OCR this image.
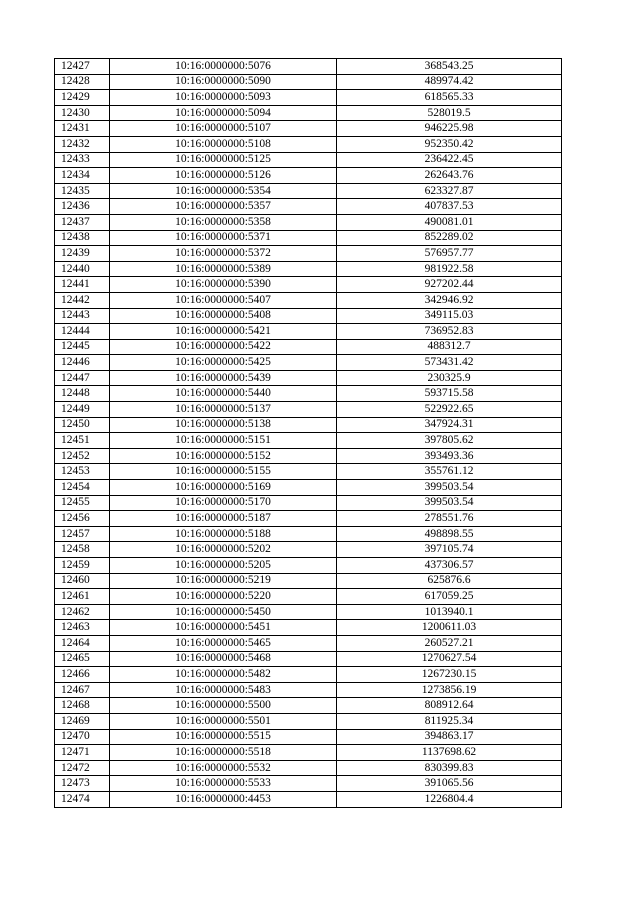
12427	10:16:0000000:5076	368543.25
12428	10:16:0000000:5090	489974.42
12429	10:16:0000000:5093	618565.33
12430	10:16:0000000:5094	528019.5
12431	10:16:0000000:5107	946225.98
12432	10:16:0000000:5108	952350.42
12433	10:16:0000000:5125	236422.45
12434	10:16:0000000:5126	262643.76
12435	10:16:0000000:5354	623327.87
12436	10:16:0000000:5357	407837.53
12437	10:16:0000000:5358	490081.01
12438	10:16:0000000:5371	852289.02
12439	10:16:0000000:5372	576957.77
12440	10:16:0000000:5389	981922.58
12441	10:16:0000000:5390	927202.44
12442	10:16:0000000:5407	342946.92
12443	10:16:0000000:5408	349115.03
12444	10:16:0000000:5421	736952.83
12445	10:16:0000000:5422	488312.7
12446	10:16:0000000:5425	573431.42
12447	10:16:0000000:5439	230325.9
12448	10:16:0000000:5440	593715.58
12449	10:16:0000000:5137	522922.65
12450	10:16:0000000:5138	347924.31
12451	10:16:0000000:5151	397805.62
12452	10:16:0000000:5152	393493.36
12453	10:16:0000000:5155	355761.12
12454	10:16:0000000:5169	399503.54
12455	10:16:0000000:5170	399503.54
12456	10:16:0000000:5187	278551.76
12457	10:16:0000000:5188	498898.55
12458	10:16:0000000:5202	397105.74
12459	10:16:0000000:5205	437306.57
12460	10:16:0000000:5219	625876.6
12461	10:16:0000000:5220	617059.25
12462	10:16:0000000:5450	1013940.1
12463	10:16:0000000:5451	1200611.03
12464	10:16:0000000:5465	260527.21
12465	10:16:0000000:5468	1270627.54
12466	10:16:0000000:5482	1267230.15
12467	10:16:0000000:5483	1273856.19
12468	10:16:0000000:5500	808912.64
12469	10:16:0000000:5501	811925.34
12470	10:16:0000000:5515	394863.17
12471	10:16:0000000:5518	1137698.62
12472	10:16:0000000:5532	830399.83
12473	10:16:0000000:5533	391065.56
12474	10:16:0000000:4453	1226804.4
